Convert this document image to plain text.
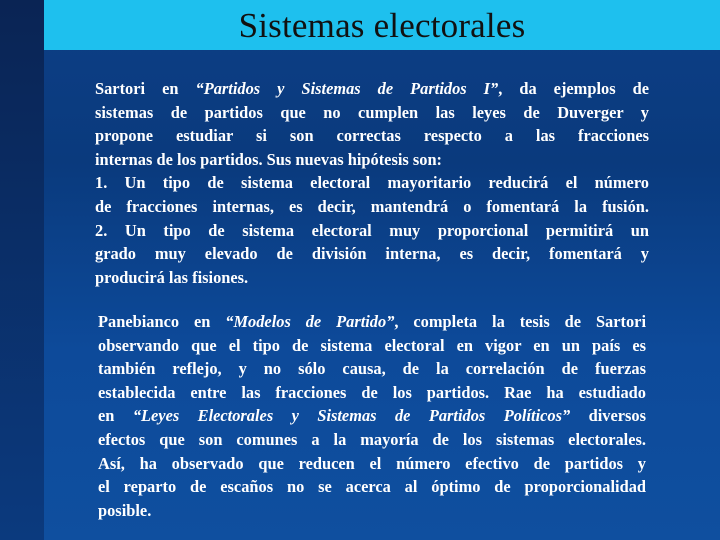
Sistemas electorales
Sartori en “Partidos y Sistemas de Partidos I”, da ejemplos de
sistemas de partidos que no cumplen las leyes de Duverger y
propone estudiar si son correctas respecto a las fracciones
internas de los partidos. Sus nuevas hipótesis son:
1. Un tipo de sistema electoral mayoritario reducirá el número
de fracciones internas, es decir, mantendrá o fomentará la fusión.
2. Un tipo de sistema electoral muy proporcional permitirá un
grado muy elevado de división interna, es decir, fomentará y
producirá las fisiones.
Panebianco en “Modelos de Partido”, completa la tesis de Sartori
observando que el tipo de sistema electoral en vigor en un país es
también reflejo, y no sólo causa, de la correlación de fuerzas
establecida entre las fracciones de los partidos. Rae ha estudiado
en “Leyes Electorales y Sistemas de Partidos Políticos” diversos
efectos que son comunes a la mayoría de los sistemas electorales.
Así, ha observado que reducen el número efectivo de partidos y
el reparto de escaños no se acerca al óptimo de proporcionalidad
posible.
